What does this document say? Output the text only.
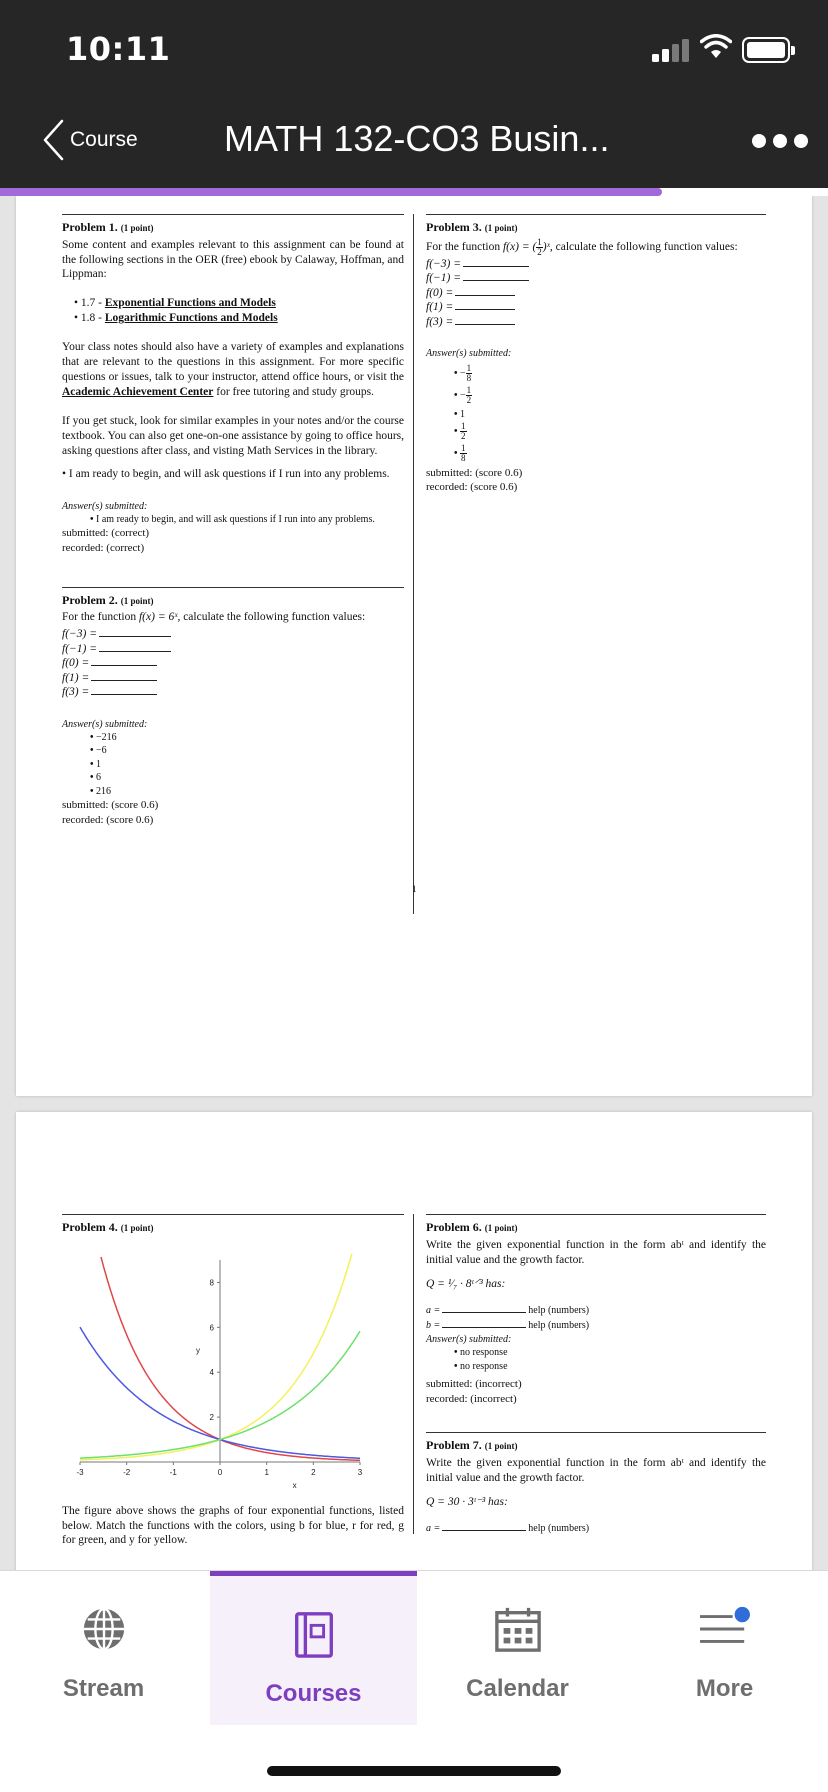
10:11
Course MATH 132-CO3 Busin...
Problem 1. (1 point)
Some content and examples relevant to this assignment can be found at the following sections in the OER (free) ebook by Calaway, Hoffman, and Lippman:
• 1.7 - Exponential Functions and Models
• 1.8 - Logarithmic Functions and Models
Your class notes should also have a variety of examples and explanations that are relevant to the questions in this assignment. For more specific questions or issues, talk to your instructor, attend office hours, or visit the Academic Achievement Center for free tutoring and study groups.
If you get stuck, look for similar examples in your notes and/or the course textbook. You can also get one-on-one assistance by going to office hours, asking questions after class, and visting Math Services in the library.
• I am ready to begin, and will ask questions if I run into any problems.
Answer(s) submitted:
• I am ready to begin, and will ask questions if I run into any problems.
submitted: (correct)
recorded: (correct)
Problem 2. (1 point)
For the function f(x) = 6ˣ, calculate the following function values:
f(−3) =
f(−1) =
f(0) =
f(1) =
f(3) =
Answer(s) submitted:
• −216
• −6
• 1
• 6
• 216
submitted: (score 0.6)
recorded: (score 0.6)
Problem 3. (1 point)
For the function f(x) = ( $\frac{1}{2}$ )ˣ, calculate the following function values:
f(−3) =
f(−1) =
f(0) =
f(1) =
f(3) =
Answer(s) submitted:
• − $\frac{1}{8}$
• − $\frac{1}{2}$
• 1
• $\frac{1}{2}$
• $\frac{1}{8}$
submitted: (score 0.6)
recorded: (score 0.6)
1
Problem 4. (1 point)
-3	-2	-1	0	1	2	3
2
4
6
8
x
y
The figure above shows the graphs of four exponential functions, listed below. Match the functions with the colors, using b for blue, r for red, g for green, and y for yellow.
Problem 6. (1 point)
Write the given exponential function in the form abᵗ and identify the initial value and the growth factor.
Q = ¹⁄₇ · 8ᵗ⸍³ has:
a =	help (numbers)
b =	help (numbers)
Answer(s) submitted:
• no response
• no response
submitted: (incorrect)
recorded: (incorrect)
Problem 7. (1 point)
Write the given exponential function in the form abᵗ and identify the initial value and the growth factor.
Q = 30 · 3ᵗ⁻³ has:
a =	help (numbers)
Stream	Courses	Calendar	More
